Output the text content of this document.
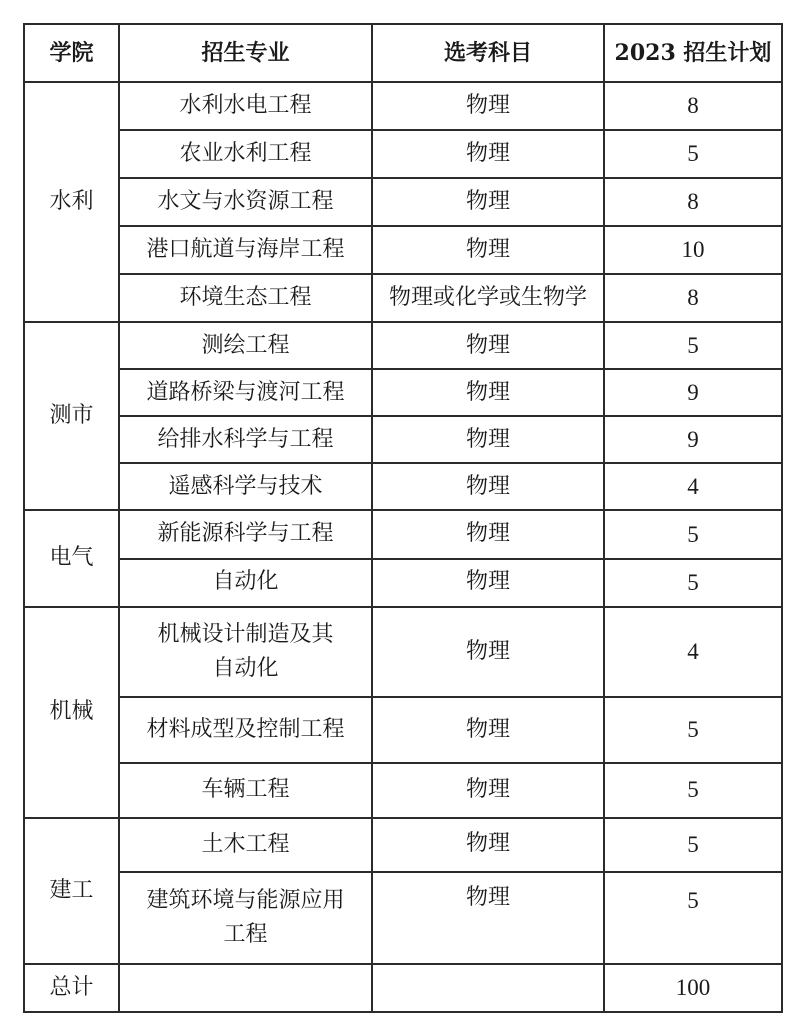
学院	招生专业	选考科目	2023 招生计划
水利	水利水电工程	物理	8
	农业水利工程	物理	5
	水文与水资源工程	物理	8
	港口航道与海岸工程	物理	10
	环境生态工程	物理或化学或生物学	8
测市	测绘工程	物理	5
	道路桥梁与渡河工程	物理	9
	给排水科学与工程	物理	9
	遥感科学与技术	物理	4
电气	新能源科学与工程	物理	5
	自动化	物理	5
机械	机械设计制造及其自动化	物理	4
	材料成型及控制工程	物理	5
	车辆工程	物理	5
建工	土木工程	物理	5
	建筑环境与能源应用工程	物理	5
总计			100
